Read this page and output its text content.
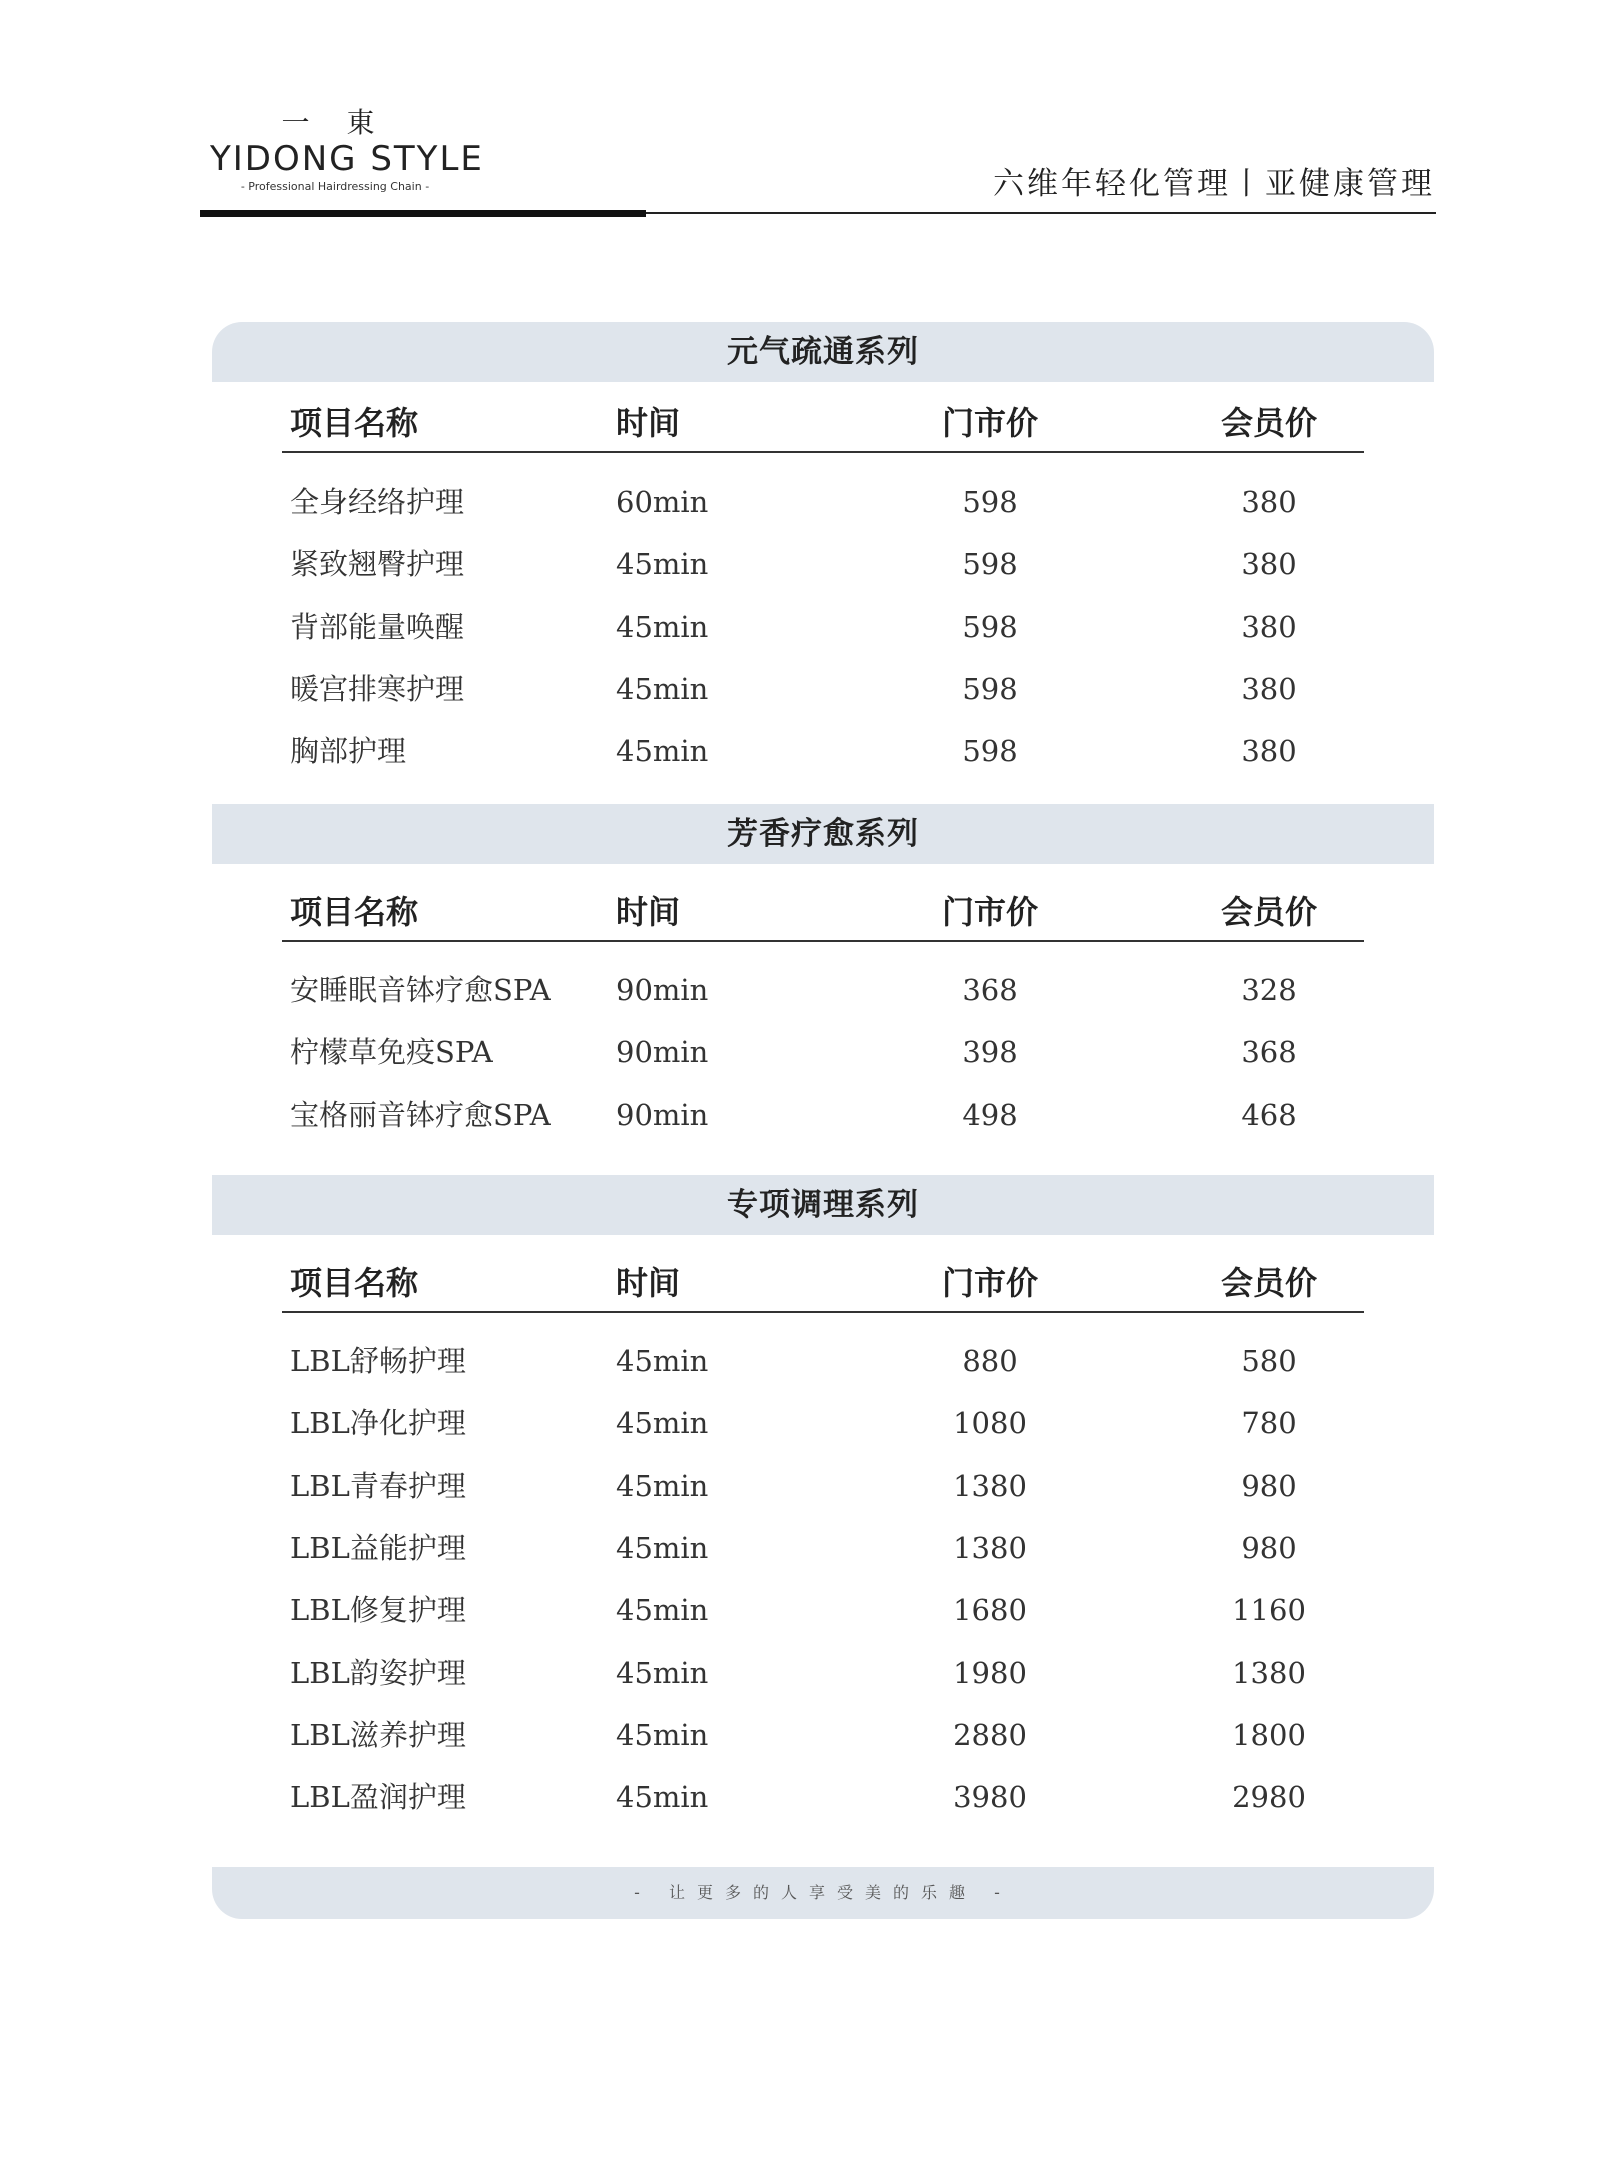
一 東
YIDONG STYLE
- Professional Hairdressing Chain -	六维年轻化管理丨亚健康管理
元气疏通系列
项目名称	时间	门市价	会员价
全身经络护理	60min	598	380
紧致翘臀护理	45min	598	380
背部能量唤醒	45min	598	380
暖宫排寒护理	45min	598	380
胸部护理	45min	598	380
芳香疗愈系列
项目名称	时间	门市价	会员价
安睡眠音钵疗愈SPA 90min	368	328
柠檬草免疫SPA	90min	398	368
宝格丽音钵疗愈SPA 90min	498	468
专项调理系列
项目名称	时间	门市价	会员价
LBL舒畅护理	45min	880	580
LBL净化护理	45min	1080	780
LBL青春护理	45min	1380	980
LBL益能护理	45min	1380	980
LBL修复护理	45min	1680	1160
LBL韵姿护理	45min	1980	1380
LBL滋养护理	45min	2880	1800
LBL盈润护理	45min	3980	2980
- 让更多的人享受美的乐趣 -
